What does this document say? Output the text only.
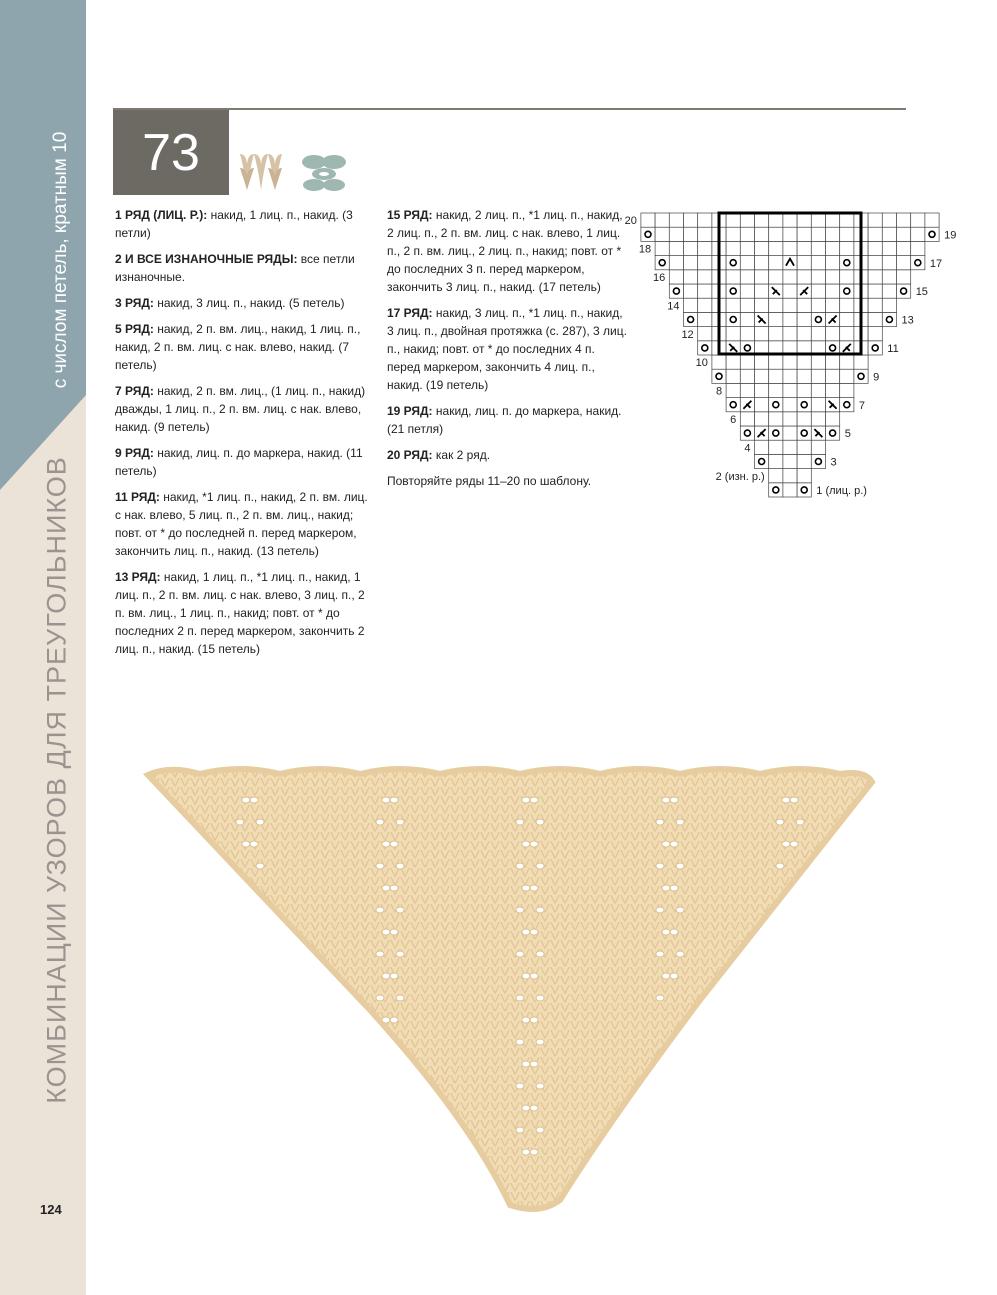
с числом петель, кратным 10
КОМБИНАЦИИ УЗОРОВ ДЛЯ ТРЕУГОЛЬНИКОВ
124
73

1 РЯД (ЛИЦ. Р.): накид, 1 лиц. п., накид. (3 петли)

2 И ВСЕ ИЗНАНОЧНЫЕ РЯДЫ: все петли изнаночные.

3 РЯД: накид, 3 лиц. п., накид. (5 петель)

5 РЯД: накид, 2 п. вм. лиц., накид, 1 лиц. п., накид, 2 п. вм. лиц. с нак. влево, накид. (7 петель)

7 РЯД: накид, 2 п. вм. лиц., (1 лиц. п., накид) дважды, 1 лиц. п., 2 п. вм. лиц. с нак. влево, накид. (9 петель)

9 РЯД: накид, лиц. п. до маркера, накид. (11 петель)

11 РЯД: накид, *1 лиц. п., накид, 2 п. вм. лиц. с нак. влево, 5 лиц. п., 2 п. вм. лиц., накид; повт. от * до последней п. перед маркером, закончить лиц. п., накид. (13 петель)

13 РЯД: накид, 1 лиц. п., *1 лиц. п., накид, 1 лиц. п., 2 п. вм. лиц. с нак. влево, 3 лиц. п., 2 п. вм. лиц., 1 лиц. п., накид; повт. от * до последних 2 п. перед маркером, закончить 2 лиц. п., накид. (15 петель)

15 РЯД: накид, 2 лиц. п., *1 лиц. п., накид, 2 лиц. п., 2 п. вм. лиц. с нак. влево, 1 лиц. п., 2 п. вм. лиц., 2 лиц. п., накид; повт. от * до последних 3 п. перед маркером, закончить 3 лиц. п., накид. (17 петель)

17 РЯД: накид, 3 лиц. п., *1 лиц. п., накид, 3 лиц. п., двойная протяжка (с. 287), 3 лиц. п., накид; повт. от * до последних 4 п. перед маркером, закончить 4 лиц. п., накид. (19 петель)

19 РЯД: накид, лиц. п. до маркера, накид. (21 петля)

20 РЯД: как 2 ряд.

Повторяйте ряды 11–20 по шаблону.

1 (лиц. р.)
2 (изн. р.)
3
4
5
6
7
8
9
10
11
12
13
14
15
16
17
18
19
20
